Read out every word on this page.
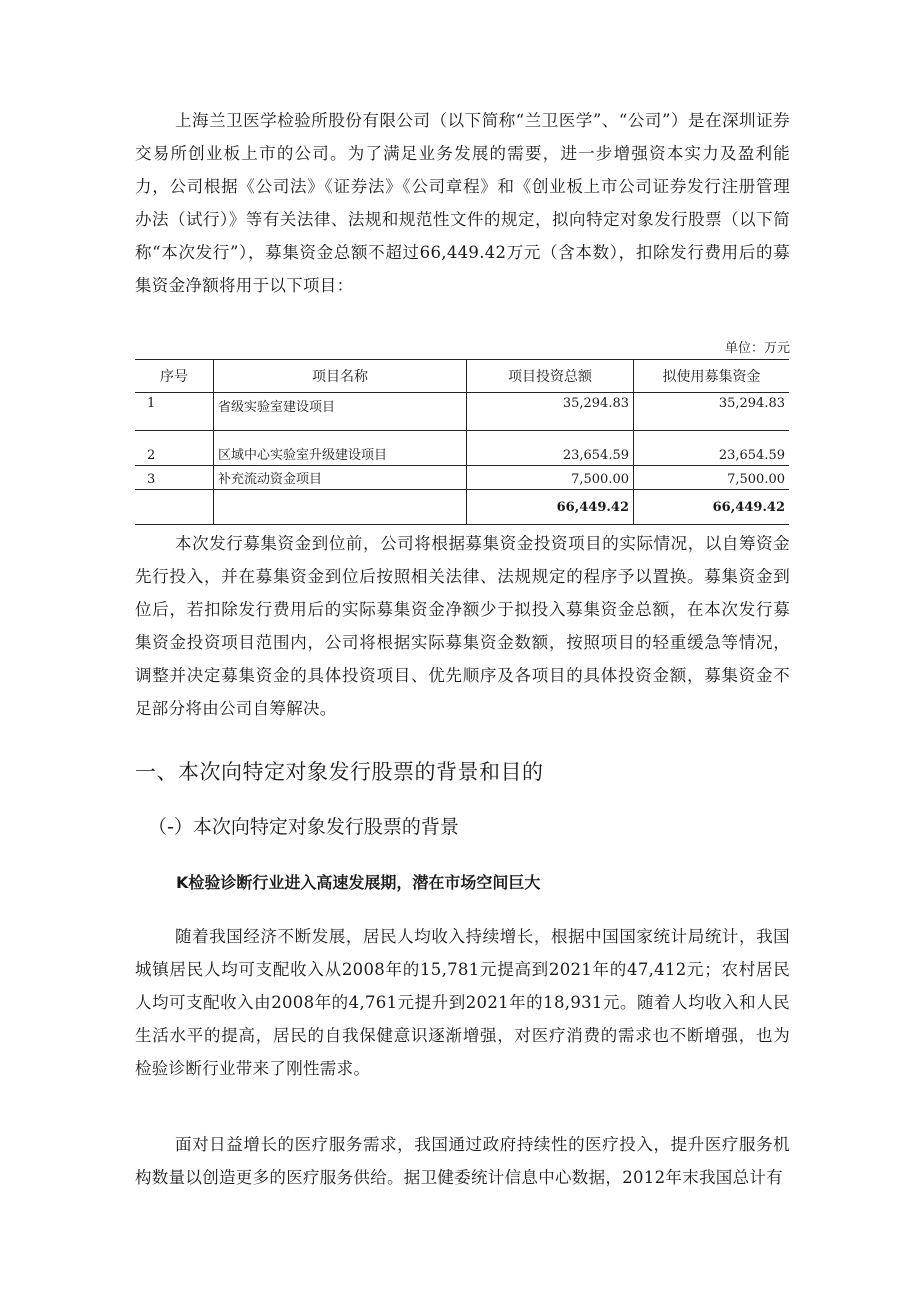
上海兰卫医学检验所股份有限公司（以下简称“兰卫医学”、“公司”）是在深圳证券交易所创业板上市的公司。为了满足业务发展的需要，进一步增强资本实力及盈利能力，公司根据《公司法》《证券法》《公司章程》和《创业板上市公司证券发行注册管理办法（试行）》等有关法律、法规和规范性文件的规定，拟向特定对象发行股票（以下简称“本次发行”），募集资金总额不超过66,449.42万元（含本数），扣除发行费用后的募集资金净额将用于以下项目：

单位：万元
序号	项目名称	项目投资总额	拟使用募集资金
1	省级实验室建设项目	35,294.83	35,294.83
2	区域中心实验室升级建设项目	23,654.59	23,654.59
3	补充流动资金项目	7,500.00	7,500.00
		66,449.42	66,449.42

本次发行募集资金到位前，公司将根据募集资金投资项目的实际情况，以自筹资金先行投入，并在募集资金到位后按照相关法律、法规规定的程序予以置换。募集资金到位后，若扣除发行费用后的实际募集资金净额少于拟投入募集资金总额，在本次发行募集资金投资项目范围内，公司将根据实际募集资金数额，按照项目的轻重缓急等情况，调整并决定募集资金的具体投资项目、优先顺序及各项目的具体投资金额，募集资金不足部分将由公司自筹解决。

一、本次向特定对象发行股票的背景和目的
（-）本次向特定对象发行股票的背景
K检验诊断行业进入高速发展期，潜在市场空间巨大

随着我国经济不断发展，居民人均收入持续增长，根据中国国家统计局统计，我国城镇居民人均可支配收入从2008年的15,781元提高到2021年的47,412元；农村居民人均可支配收入由2008年的4,761元提升到2021年的18,931元。随着人均收入和人民生活水平的提高，居民的自我保健意识逐渐增强，对医疗消费的需求也不断增强，也为检验诊断行业带来了刚性需求。

面对日益增长的医疗服务需求，我国通过政府持续性的医疗投入，提升医疗服务机构数量以创造更多的医疗服务供给。据卫健委统计信息中心数据，2012年末我国总计有
